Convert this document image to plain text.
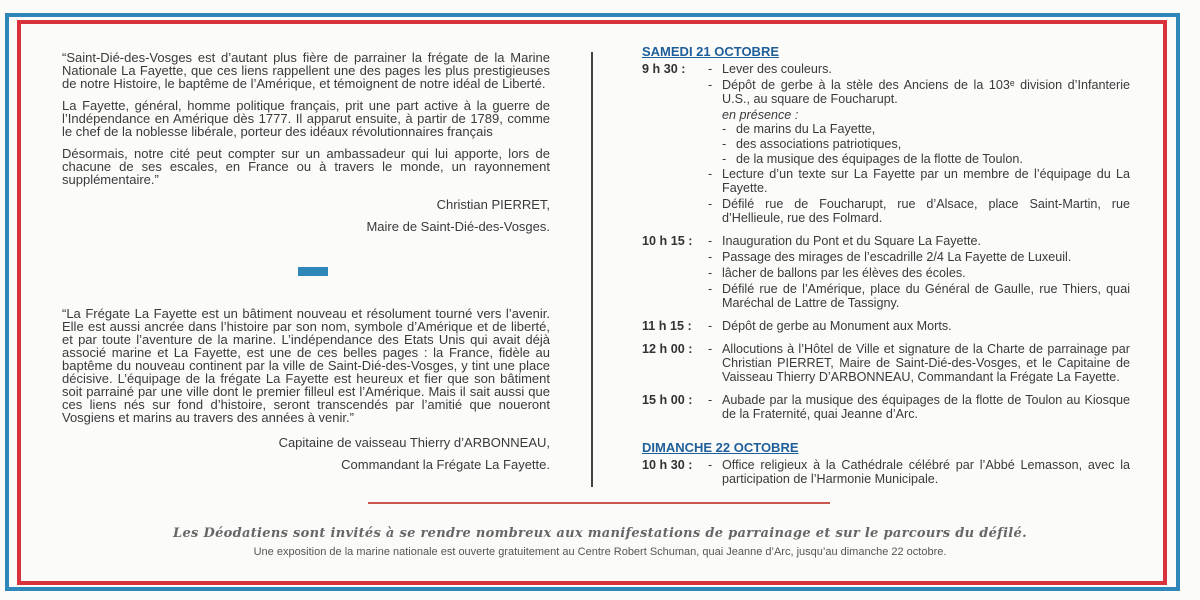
“Saint-Dié-des-Vosges est d’autant plus fière de parrainer la frégate de la Marine Nationale La Fayette, que ces liens rappellent une des pages les plus prestigieuses de notre Histoire, le baptême de l’Amérique, et témoignent de notre idéal de Liberté.

La Fayette, général, homme politique français, prit une part active à la guerre de l’Indépendance en Amérique dès 1777. Il apparut ensuite, à partir de 1789, comme le chef de la noblesse libérale, porteur des idéaux révolutionnaires français

Désormais, notre cité peut compter sur un ambassadeur qui lui apporte, lors de chacune de ses escales, en France ou à travers le monde, un rayonnement supplémentaire.”

Christian PIERRET,

Maire de Saint-Dié-des-Vosges.

“La Frégate La Fayette est un bâtiment nouveau et résolument tourné vers l’avenir. Elle est aussi ancrée dans l’histoire par son nom, symbole d’Amérique et de liberté, et par toute l’aventure de la marine. L’indépendance des Etats Unis qui avait déjà associé marine et La Fayette, est une de ces belles pages : la France, fidèle au baptême du nouveau continent par la ville de Saint-Dié-des-Vosges, y tint une place décisive. L’équipage de la frégate La Fayette est heureux et fier que son bâtiment soit parrainé par une ville dont le premier filleul est l’Amérique. Mais il sait aussi que ces liens nés sur fond d’histoire, seront transcendés par l’amitié que noueront Vosgiens et marins au travers des années à venir.”

Capitaine de vaisseau Thierry d’ARBONNEAU,

Commandant la Frégate La Fayette.

SAMEDI 21 OCTOBRE
9 h 30 :	- Lever des couleurs.
- Dépôt de gerbe à la stèle des Anciens de la 103ᵉ division d’Infanterie U.S., au square de Foucharupt.
en présence :
- de marins du La Fayette,
- des associations patriotiques,
- de la musique des équipages de la flotte de Toulon.
- Lecture d’un texte sur La Fayette par un membre de l’équipage du La Fayette.
- Défilé rue de Foucharupt, rue d’Alsace, place Saint-Martin, rue d’Hellieule, rue des Folmard.
10 h 15 :	- Inauguration du Pont et du Square La Fayette.
- Passage des mirages de l’escadrille 2/4 La Fayette de Luxeuil.
- lâcher de ballons par les élèves des écoles.
- Défilé rue de l’Amérique, place du Général de Gaulle, rue Thiers, quai Maréchal de Lattre de Tassigny.
11 h 15 :	- Dépôt de gerbe au Monument aux Morts.
12 h 00 :	- Allocutions à l’Hôtel de Ville et signature de la Charte de parrainage par Christian PIERRET, Maire de Saint-Dié-des-Vosges, et le Capitaine de Vaisseau Thierry D’ARBONNEAU, Commandant la Frégate La Fayette.
15 h 00 :	- Aubade par la musique des équipages de la flotte de Toulon au Kiosque de la Fraternité, quai Jeanne d’Arc.
DIMANCHE 22 OCTOBRE
10 h 30 :	- Office religieux à la Cathédrale célébré par l’Abbé Lemasson, avec la participation de l’Harmonie Municipale.
Les Déodatiens sont invités à se rendre nombreux aux manifestations de parrainage et sur le parcours du défilé.
Une exposition de la marine nationale est ouverte gratuitement au Centre Robert Schuman, quai Jeanne d’Arc, jusqu’au dimanche 22 octobre.
